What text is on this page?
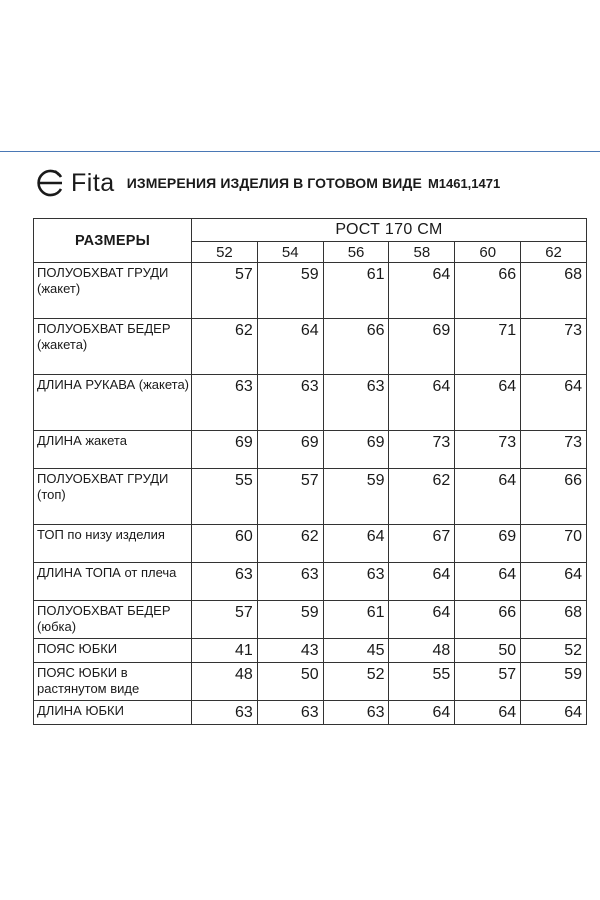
Fita ИЗМЕРЕНИЯ ИЗДЕЛИЯ В ГОТОВОМ ВИДЕ М1461,1471
РАЗМЕРЫ	РОСТ 170 СМ					
	52	54	56	58	60	62
ПОЛУОБХВАТ ГРУДИ (жакет)	57	59	61	64	66	68
ПОЛУОБХВАТ БЕДЕР (жакета)	62	64	66	69	71	73
ДЛИНА РУКАВА (жакета)	63	63	63	64	64	64
ДЛИНА жакета	69	69	69	73	73	73
ПОЛУОБХВАТ ГРУДИ (топ)	55	57	59	62	64	66
ТОП по низу изделия	60	62	64	67	69	70
ДЛИНА ТОПА от плеча	63	63	63	64	64	64
ПОЛУОБХВАТ БЕДЕР (юбка)	57	59	61	64	66	68
ПОЯС ЮБКИ	41	43	45	48	50	52
ПОЯС ЮБКИ в растянутом виде	48	50	52	55	57	59
ДЛИНА ЮБКИ	63	63	63	64	64	64
